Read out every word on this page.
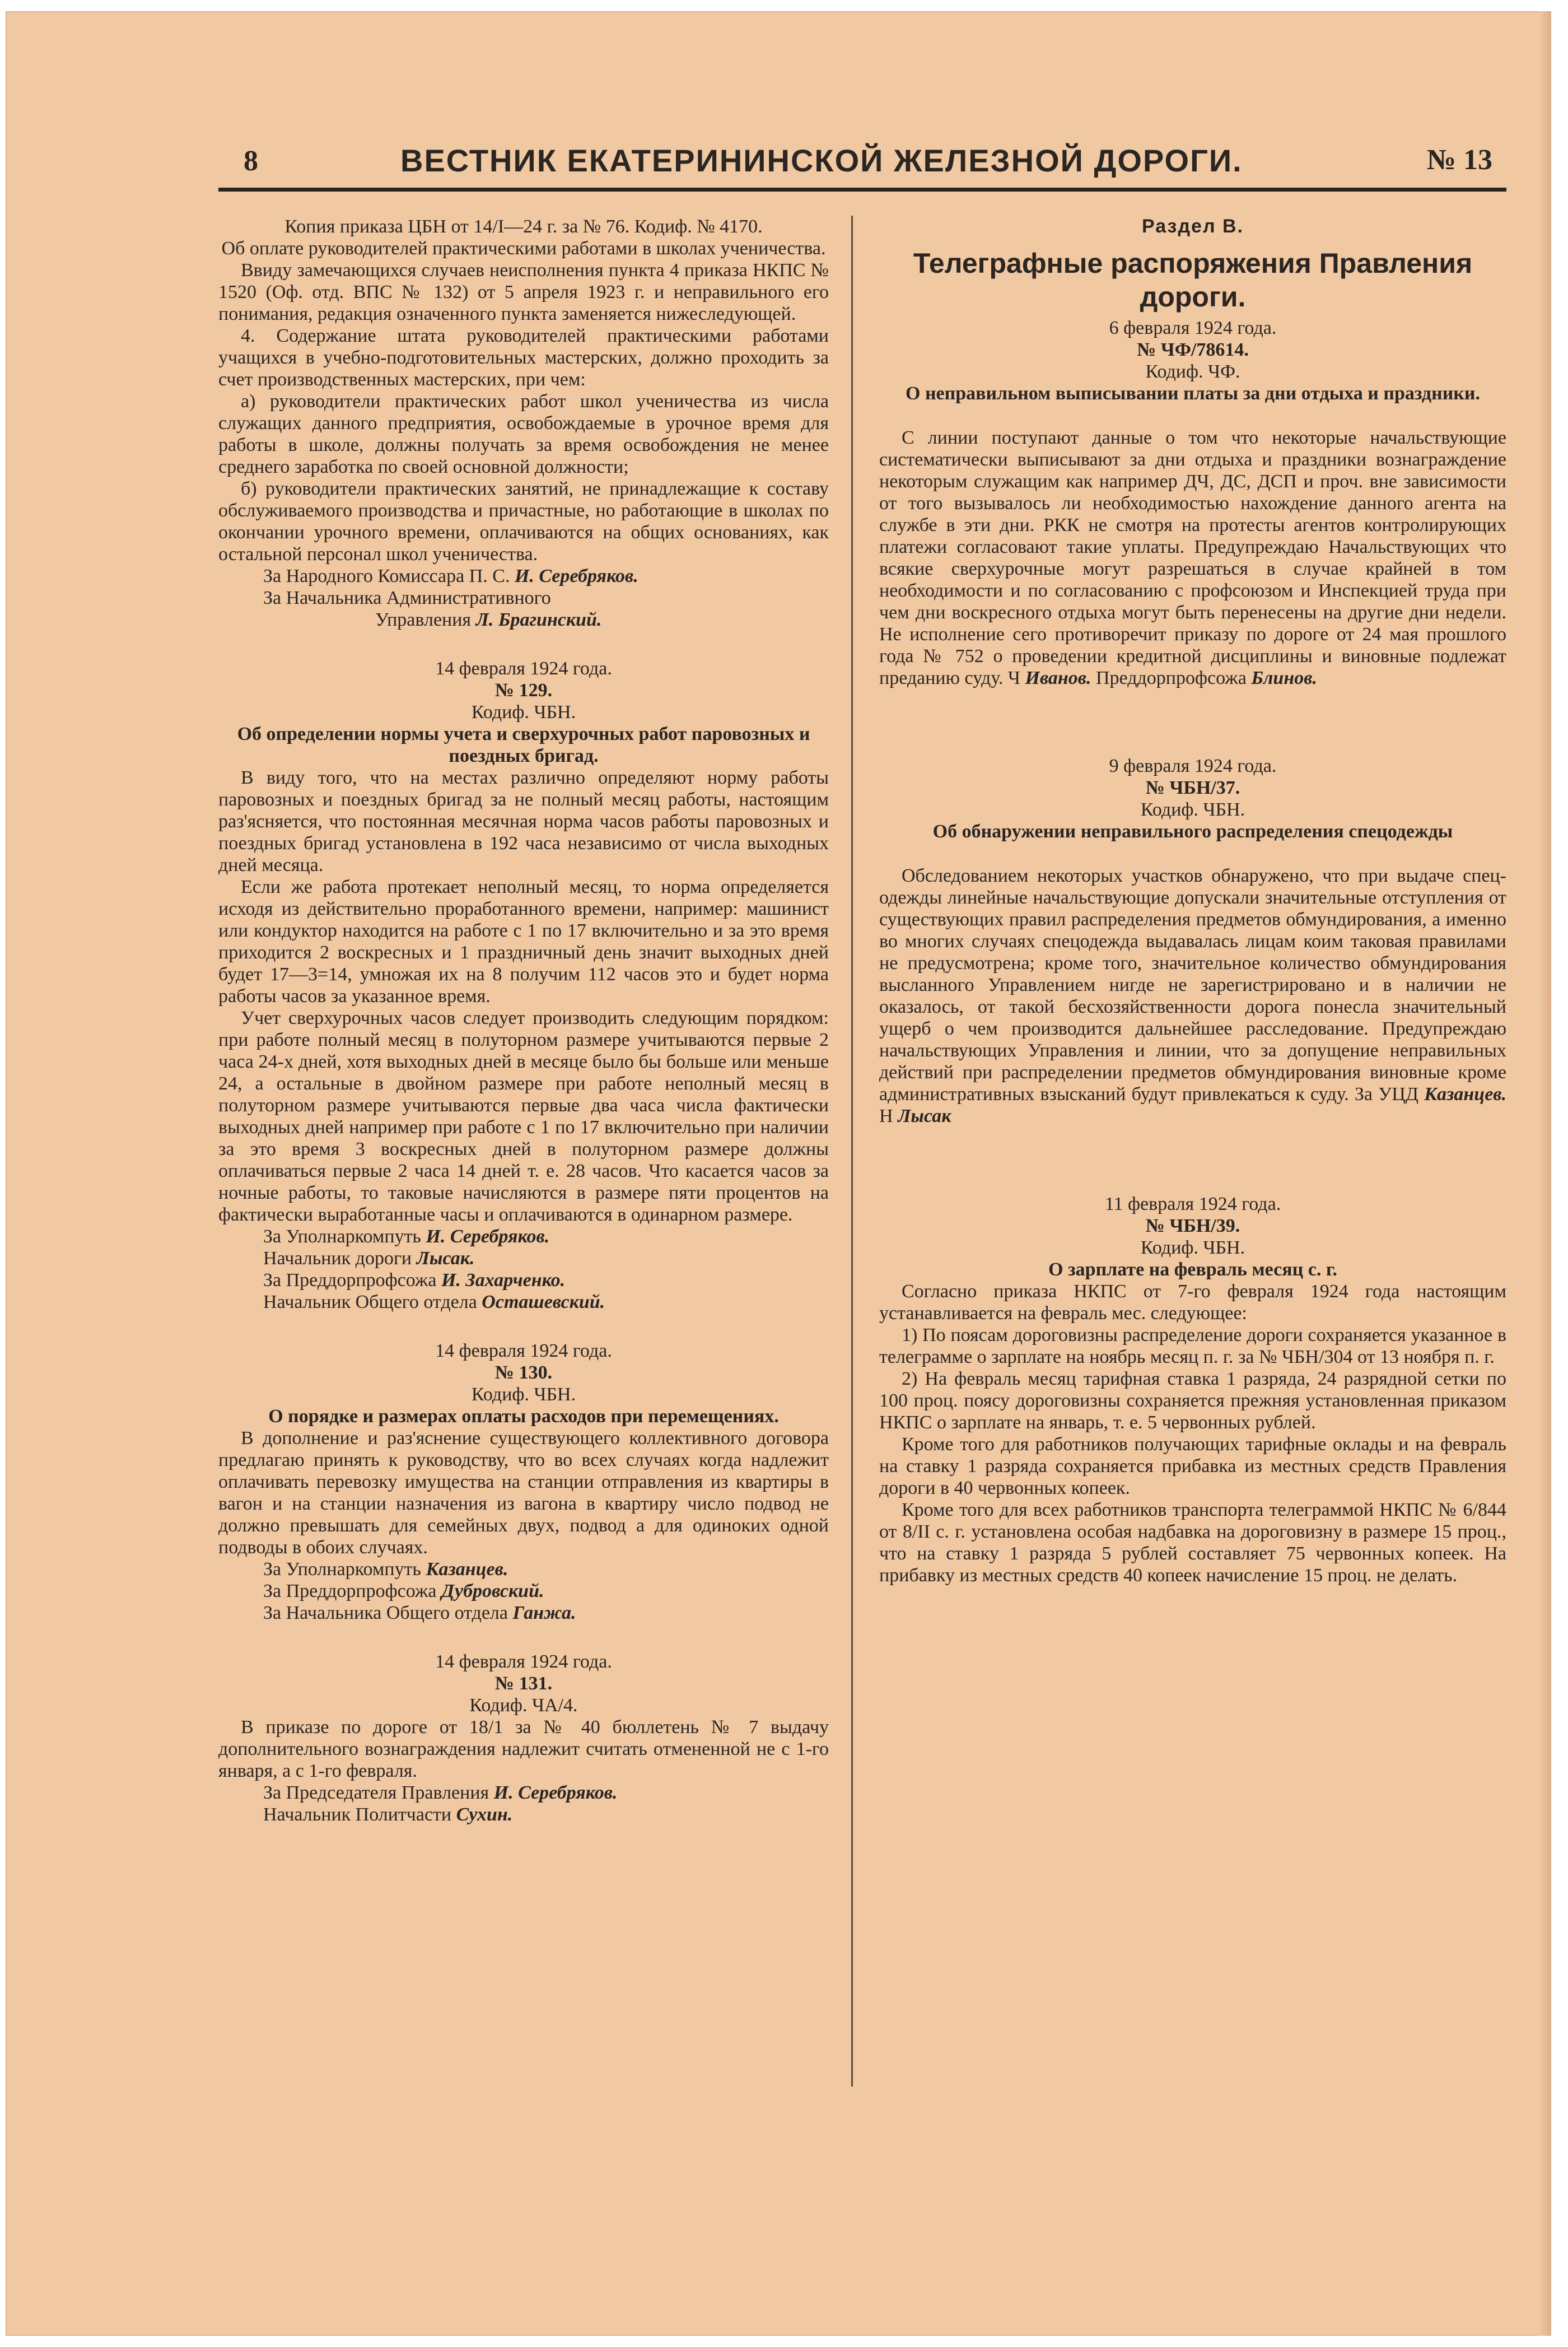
8	ВЕСТНИК ЕКАТЕРИНИНСКОЙ ЖЕЛЕЗНОЙ ДОРОГИ.	№ 13
Копия приказа ЦБН от 14/I—24 г. за № 76. Кодиф. № 4170.
Об оплате руководителей практическими работами в школах ученичества.
Ввиду замечающихся случаев неисполнения пункта 4 приказа НКПС № 1520 (Оф. отд. ВПС № 132) от 5 апреля 1923 г. и неправильного его понимания, редакция означенного пункта заменяется нижеследующей.
4. Содержание штата руководителей практическими работами учащихся в учебно-подготовительных мастерских, должно проходить за счет производственных мастерских, при чем:
а) руководители практических работ школ ученичества из числа служащих данного предприятия, освобождаемые в урочное время для работы в школе, должны получать за время освобождения не менее среднего заработка по своей основной должности;
б) руководители практических занятий, не принадлежащие к составу обслуживаемого производства и причастные, но работающие в школах по окончании урочного времени, оплачиваются на общих основаниях, как остальной персонал школ ученичества.
За Народного Комиссара П. С. И. Серебряков.
За Начальника Административного
Управления Л. Брагинский.
14 февраля 1924 года.
№ 129.
Кодиф. ЧБН.
Об определении нормы учета и сверхурочных работ паровозных и поездных бригад.
В виду того, что на местах различно определяют норму работы паровозных и поездных бригад за не полный месяц работы, настоящим раз'ясняется, что постоянная месячная норма часов работы паровозных и поездных бригад установлена в 192 часа независимо от числа выходных дней месяца.
Если же работа протекает неполный месяц, то норма определяется исходя из действительно проработанного времени, например: машинист или кондуктор находится на работе с 1 по 17 включительно и за это время приходится 2 воскресных и 1 праздничный день значит выходных дней будет 17—3=14, умножая их на 8 получим 112 часов это и будет норма работы часов за указанное время.
Учет сверхурочных часов следует производить следующим порядком: при работе полный месяц в полуторном размере учитываются первые 2 часа 24-х дней, хотя выходных дней в месяце было бы больше или меньше 24, а остальные в двойном размере при работе неполный месяц в полуторном размере учитываются первые два часа числа фактически выходных дней например при работе с 1 по 17 включительно при наличии за это время 3 воскресных дней в полуторном размере должны оплачиваться первые 2 часа 14 дней т. е. 28 часов. Что касается часов за ночные работы, то таковые начисляются в размере пяти процентов на фактически выработанные часы и оплачиваются в одинарном размере.
За Уполнаркомпуть И. Серебряков.
Начальник дороги Лысак.
За Преддорпрофсожа И. Захарченко.
Начальник Общего отдела Осташевский.
14 февраля 1924 года.
№ 130.
Кодиф. ЧБН.
О порядке и размерах оплаты расходов при перемещениях.
В дополнение и раз'яснение существующего коллективного договора предлагаю принять к руководству, что во всех случаях когда надлежит оплачивать перевозку имущества на станции отправления из квартиры в вагон и на станции назначения из вагона в квартиру число подвод не должно превышать для семейных двух, подвод а для одиноких одной подводы в обоих случаях.
За Уполнаркомпуть Казанцев.
За Преддорпрофсожа Дубровский.
За Начальника Общего отдела Ганжа.
14 февраля 1924 года.
№ 131.
Кодиф. ЧА/4.
В приказе по дороге от 18/1 за № 40 бюллетень № 7 выдачу дополнительного вознаграждения надлежит считать отмененной не с 1-го января, а с 1-го февраля.
За Председателя Правления И. Серебряков.
Начальник Политчасти Сухин.
Раздел В.
Телеграфные распоряжения Правления дороги.
6 февраля 1924 года.
№ ЧФ/78614.
Кодиф. ЧФ.
О неправильном выписывании платы за дни отдыха и праздники.
С линии поступают данные о том что некоторые начальствующие систематически выписывают за дни отдыха и праздники вознаграждение некоторым служащим как например ДЧ, ДС, ДСП и проч. вне зависимости от того вызывалось ли необходимостью нахождение данного агента на службе в эти дни. РКК не смотря на протесты агентов контролирующих платежи согласовают такие уплаты. Предупреждаю Начальствующих что всякие сверхурочные могут разрешаться в случае крайней в том необходимости и по согласованию с профсоюзом и Инспекцией труда при чем дни воскресного отдыха могут быть перенесены на другие дни недели. Не исполнение сего противоречит приказу по дороге от 24 мая прошлого года № 752 о проведении кредитной дисциплины и виновные подлежат преданию суду. Ч Иванов. Преддорпрофсожа Блинов.
9 февраля 1924 года.
№ ЧБН/37.
Кодиф. ЧБН.
Об обнаружении неправильного распределения спецодежды
Обследованием некоторых участков обнаружено, что при выдаче спец-одежды линейные начальствующие допускали значительные отступления от существующих правил распределения предметов обмундирования, а именно во многих случаях спецодежда выдавалась лицам коим таковая правилами не предусмотрена; кроме того, значительное количество обмундирования высланного Управлением нигде не зарегистрировано и в наличии не оказалось, от такой бесхозяйственности дорога понесла значительный ущерб о чем производится дальнейшее расследование. Предупреждаю начальствующих Управления и линии, что за допущение неправильных действий при распределении предметов обмундирования виновные кроме административных взысканий будут привлекаться к суду. За УЦД Казанцев. Н Лысак
11 февраля 1924 года.
№ ЧБН/39.
Кодиф. ЧБН.
О зарплате на февраль месяц с. г.
Согласно приказа НКПС от 7-го февраля 1924 года настоящим устанавливается на февраль мес. следующее:
1) По поясам дороговизны распределение дороги сохраняется указанное в телеграмме о зарплате на ноябрь месяц п. г. за № ЧБН/304 от 13 ноября п. г.
2) На февраль месяц тарифная ставка 1 разряда, 24 разрядной сетки по 100 проц. поясу дороговизны сохраняется прежняя установленная приказом НКПС о зарплате на январь, т. е. 5 червонных рублей.
Кроме того для работников получающих тарифные оклады и на февраль на ставку 1 разряда сохраняется прибавка из местных средств Правления дороги в 40 червонных копеек.
Кроме того для всех работников транспорта телеграммой НКПС № 6/844 от 8/II с. г. установлена особая надбавка на дороговизну в размере 15 проц., что на ставку 1 разряда 5 рублей составляет 75 червонных копеек. На прибавку из местных средств 40 копеек начисление 15 проц. не делать.
